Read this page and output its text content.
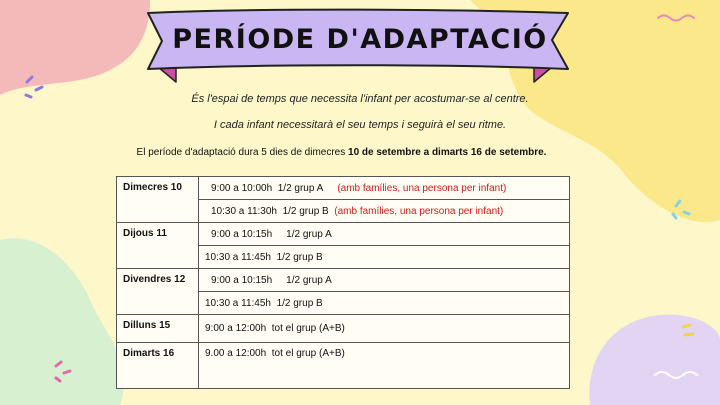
PERÍODE D'ADAPTACIÓ
És l'espai de temps que necessita l'infant per acostumar-se al centre.
I cada infant necessitarà el seu temps i seguirà el seu ritme.
El període d'adaptació dura 5 dies de dimecres 10 de setembre a dimarts 16 de setembre.
Dimecres 10	9:00 a 10:00h 1/2 grup A (amb famílies, una persona per infant)
	10:30 a 11:30h 1/2 grup B (amb famílies, una persona per infant)
Dijous 11	9:00 a 10:15h 1/2 grup A
	10:30 a 11:45h 1/2 grup B
Divendres 12	9:00 a 10:15h 1/2 grup A
	10:30 a 11:45h 1/2 grup B
Dilluns 15	9:00 a 12:00h tot el grup (A+B)
Dimarts 16	9.00 a 12:00h tot el grup (A+B)
